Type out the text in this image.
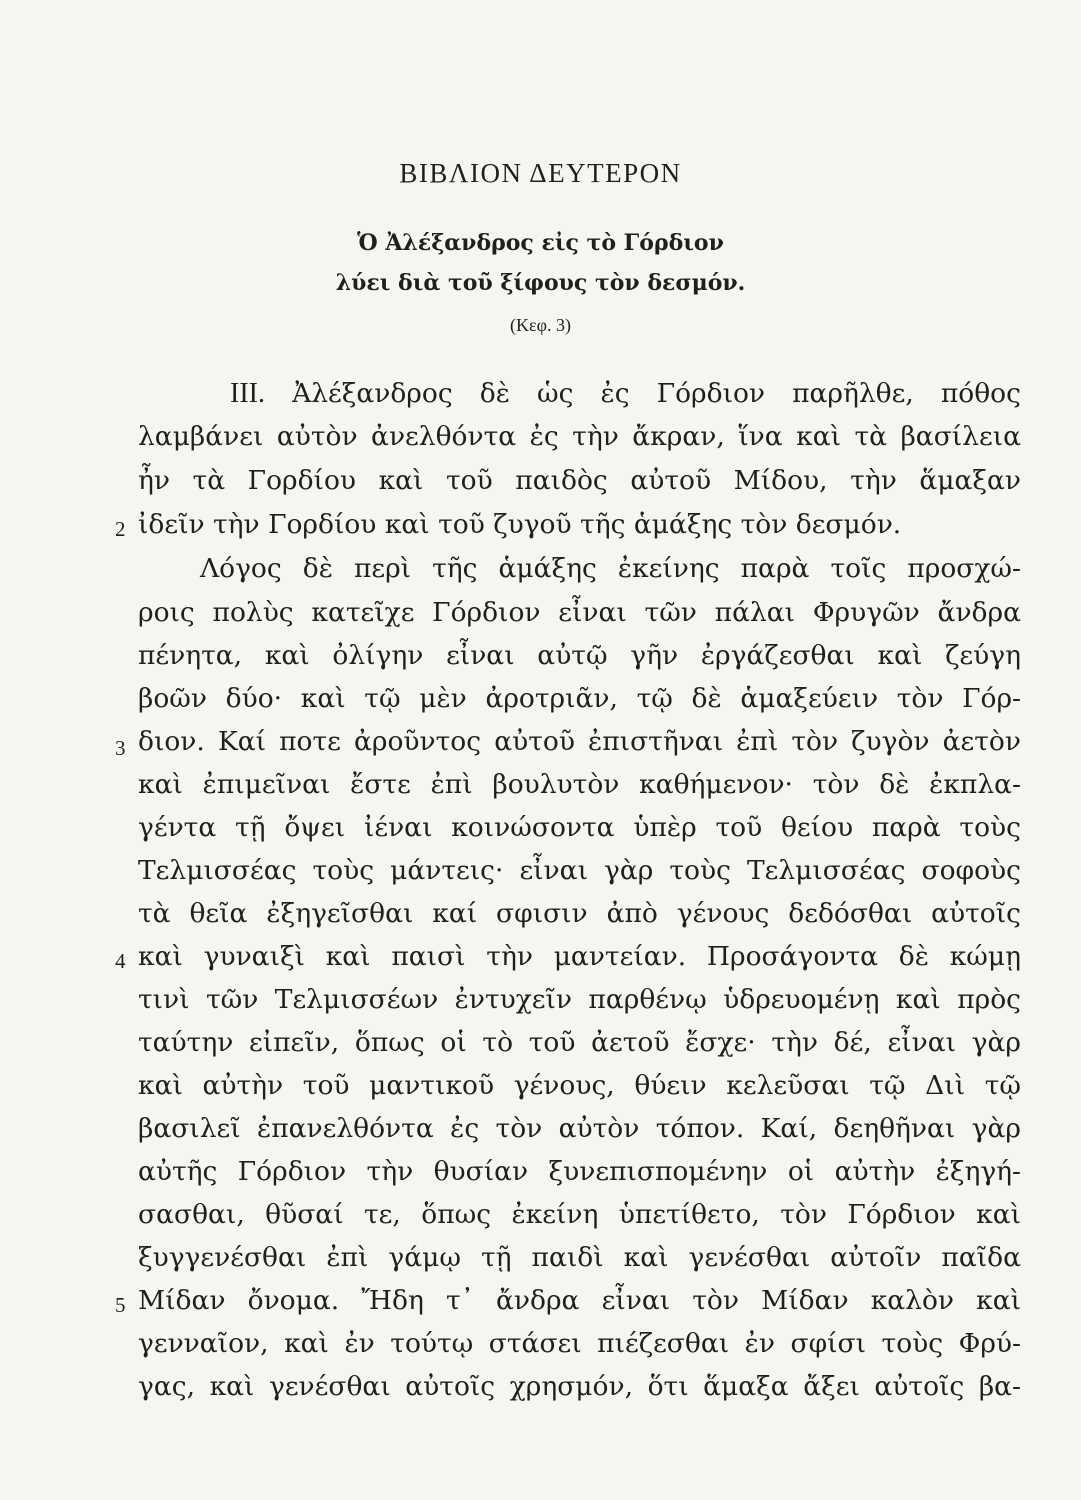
ΒΙΒΛΙΟΝ ΔΕΥΤΕΡΟΝ
Ὁ Ἀλέξανδρος εἰς τὸ Γόρδιον
λύει διὰ τοῦ ξίφους τὸν δεσμόν.
(Κεφ. 3)
III. Ἀλέξανδρος δὲ ὡς ἐς Γόρδιον παρῆλθε, πόθος
λαμβάνει αὐτὸν ἀνελθόντα ἐς τὴν ἄκραν, ἵνα καὶ τὰ βασίλεια
ἦν τὰ Γορδίου καὶ τοῦ παιδὸς αὐτοῦ Μίδου, τὴν ἅμαξαν
ἰδεῖν τὴν Γορδίου καὶ τοῦ ζυγοῦ τῆς ἁμάξης τὸν δεσμόν.
Λόγος δὲ περὶ τῆς ἁμάξης ἐκείνης παρὰ τοῖς προσχώ-
ροις πολὺς κατεῖχε Γόρδιον εἶναι τῶν πάλαι Φρυγῶν ἄνδρα
πένητα, καὶ ὀλίγην εἶναι αὐτῷ γῆν ἐργάζεσθαι καὶ ζεύγη
βοῶν δύο· καὶ τῷ μὲν ἀροτριᾶν, τῷ δὲ ἁμαξεύειν τὸν Γόρ-
διον. Καί ποτε ἀροῦντος αὐτοῦ ἐπιστῆναι ἐπὶ τὸν ζυγὸν ἀετὸν
καὶ ἐπιμεῖναι ἔστε ἐπὶ βουλυτὸν καθήμενον· τὸν δὲ ἐκπλα-
γέντα τῇ ὄψει ἰέναι κοινώσοντα ὑπὲρ τοῦ θείου παρὰ τοὺς
Τελμισσέας τοὺς μάντεις· εἶναι γὰρ τοὺς Τελμισσέας σοφοὺς
τὰ θεῖα ἐξηγεῖσθαι καί σφισιν ἀπὸ γένους δεδόσθαι αὐτοῖς
καὶ γυναιξὶ καὶ παισὶ τὴν μαντείαν. Προσάγοντα δὲ κώμῃ
τινὶ τῶν Τελμισσέων ἐντυχεῖν παρθένῳ ὑδρευομένῃ καὶ πρὸς
ταύτην εἰπεῖν, ὅπως οἱ τὸ τοῦ ἀετοῦ ἔσχε· τὴν δέ, εἶναι γὰρ
καὶ αὐτὴν τοῦ μαντικοῦ γένους, θύειν κελεῦσαι τῷ Διὶ τῷ
βασιλεῖ ἐπανελθόντα ἐς τὸν αὐτὸν τόπον. Καί, δεηθῆναι γὰρ
αὐτῆς Γόρδιον τὴν θυσίαν ξυνεπισπομένην οἱ αὐτὴν ἐξηγή-
σασθαι, θῦσαί τε, ὅπως ἐκείνη ὑπετίθετο, τὸν Γόρδιον καὶ
ξυγγενέσθαι ἐπὶ γάμῳ τῇ παιδὶ καὶ γενέσθαι αὐτοῖν παῖδα
Μίδαν ὄνομα. Ἤδη τ᾽ ἄνδρα εἶναι τὸν Μίδαν καλὸν καὶ
γενναῖον, καὶ ἐν τούτῳ στάσει πιέζεσθαι ἐν σφίσι τοὺς Φρύ-
γας, καὶ γενέσθαι αὐτοῖς χρησμόν, ὅτι ἅμαξα ἄξει αὐτοῖς βα-
2
3
4
5
